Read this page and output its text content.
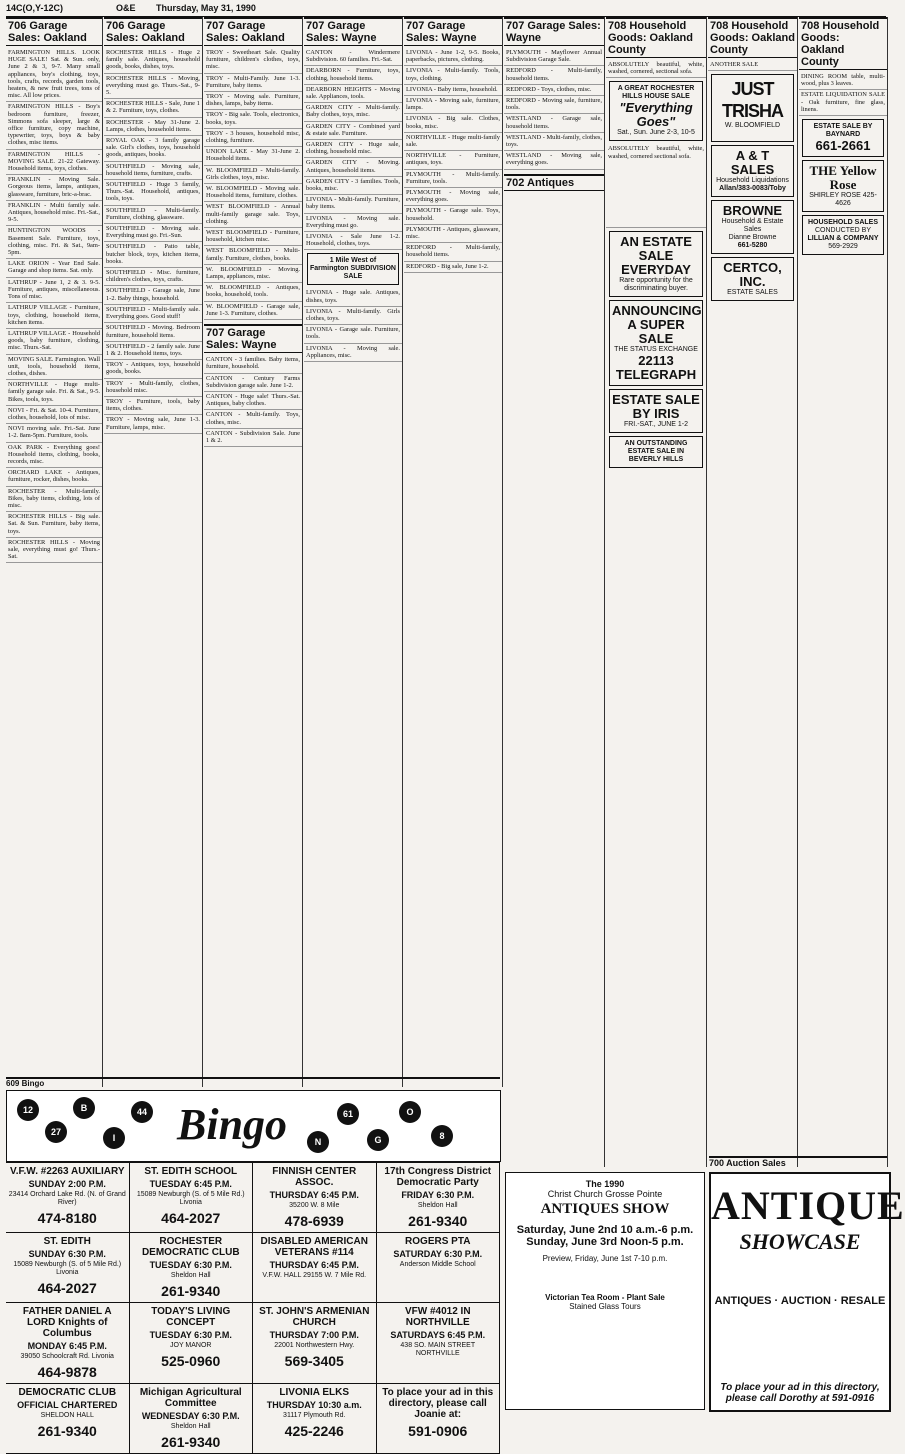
14C(O,Y-12C)	O&E Thursday, May 31, 1990
706 Garage Sales: Oakland
FARMINGTON HILLS. LOOK HUGE SALE! Sat. & Sun. only, June 2 & 3, 9-7. Many small appliances, boy's clothing, toys, tools, crafts, records, garden tools, heaters, & new fruit trees, tons of misc. All low prices.
FARMINGTON HILLS - Boy's bedroom furniture, freezer, Simmons sofa sleeper, large & office furniture, copy machine, typewriter, toys, boys & baby clothes, misc items.
FARMINGTON HILLS - MOVING SALE. 21-22 Gateway. Household items, toys, clothes.
FRANKLIN - Moving Sale. Gorgeous items, lamps, antiques, glassware, furniture, bric-a-brac.
FRANKLIN - Multi family sale. Antiques, household misc. Fri.-Sat., 9-5.
HUNTINGTON WOODS - Basement Sale. Furniture, toys, clothing, misc. Fri. & Sat., 9am-5pm.
LAKE ORION - Year End Sale. Garage and shop items. Sat. only.
LATHRUP - June 1, 2 & 3. 9-5. Furniture, antiques, miscellaneous. Tons of misc.
LATHRUP VILLAGE - Furniture, toys, clothing, household items, kitchen items.
LATHRUP VILLAGE - Household goods, baby furniture, clothing, misc. Thurs.-Sat.
MOVING SALE. Farmington. Wall unit, tools, household items, clothes, dishes.
NORTHVILLE - Huge multi-family garage sale. Fri. & Sat., 9-5. Bikes, tools, toys.
NOVI - Fri. & Sat. 10-4. Furniture, clothes, household, lots of misc.
NOVI moving sale. Fri.-Sat. June 1-2. 8am-5pm. Furniture, tools.
OAK PARK - Everything goes! Household items, clothing, books, records, misc.
ORCHARD LAKE - Antiques, furniture, rocker, dishes, books.
ROCHESTER - Multi-family. Bikes, baby items, clothing, lots of misc.
ROCHESTER HILLS - Big sale. Sat. & Sun. Furniture, baby items, toys.
ROCHESTER HILLS - Moving sale, everything must go! Thurs.-Sat.
706 Garage Sales: Oakland
ROCHESTER HILLS - Huge 2 family sale. Antiques, household goods, books, dishes, toys.
ROCHESTER HILLS - Moving, everything must go. Thurs.-Sat., 9-5.
ROCHESTER HILLS - Sale, June 1 & 2. Furniture, toys, clothes.
ROCHESTER - May 31-June 2. Lamps, clothes, household items.
ROYAL OAK - 3 family garage sale. Girl's clothes, toys, household goods, antiques, books.
SOUTHFIELD - Moving sale, household items, furniture, crafts.
SOUTHFIELD - Huge 3 family, Thurs.-Sat. Household, antiques, tools, toys.
SOUTHFIELD - Multi-family. Furniture, clothing, glassware.
SOUTHFIELD - Moving sale. Everything must go. Fri.-Sun.
SOUTHFIELD - Patio table, butcher block, toys, kitchen items, books.
SOUTHFIELD - Misc. furniture, children's clothes, toys, crafts.
SOUTHFIELD - Garage sale, June 1-2. Baby things, household.
SOUTHFIELD - Multi-family sale. Everything goes. Good stuff!
SOUTHFIELD - Moving. Bedroom furniture, household items.
SOUTHFIELD - 2 family sale. June 1 & 2. Household items, toys.
TROY - Antiques, toys, household goods, books.
TROY - Multi-family, clothes, household misc.
TROY - Furniture, tools, baby items, clothes.
TROY - Moving sale, June 1-3. Furniture, lamps, misc.
707 Garage Sales: Oakland
TROY - Sweetheart Sale. Quality furniture, children's clothes, toys, misc.
TROY - Multi-Family. June 1-3. Furniture, baby items.
TROY - Moving sale. Furniture, dishes, lamps, baby items.
TROY - Big sale. Tools, electronics, books, toys.
TROY - 3 houses, household misc, clothing, furniture.
UNION LAKE - May 31-June 2. Household items.
W. BLOOMFIELD - Multi-family. Girls clothes, toys, misc.
W. BLOOMFIELD - Moving sale. Household items, furniture, clothes.
WEST BLOOMFIELD - Annual multi-family garage sale. Toys, clothing.
WEST BLOOMFIELD - Furniture, household, kitchen misc.
WEST BLOOMFIELD - Multi-family. Furniture, clothes, books.
W. BLOOMFIELD - Moving. Lamps, appliances, misc.
W. BLOOMFIELD - Antiques, books, household, tools.
W. BLOOMFIELD - Garage sale, June 1-3. Furniture, clothes.
707 Garage Sales: Wayne
CANTON - 3 families. Baby items, furniture, household.
CANTON - Century Farms Subdivision garage sale. June 1-2.
CANTON - Huge sale! Thurs.-Sat. Antiques, baby clothes.
CANTON - Multi-family. Toys, clothes, misc.
CANTON - Subdivision Sale. June 1 & 2.
707 Garage Sales: Wayne
CANTON - Windermere Subdivision. 60 families. Fri.-Sat.
DEARBORN - Furniture, toys, clothing, household items.
DEARBORN HEIGHTS - Moving sale. Appliances, tools.
GARDEN CITY - Multi-family. Baby clothes, toys, misc.
GARDEN CITY - Combined yard & estate sale. Furniture.
GARDEN CITY - Huge sale, clothing, household misc.
GARDEN CITY - Moving. Antiques, household items.
GARDEN CITY - 3 families. Tools, books, misc.
LIVONIA - Multi-family. Furniture, baby items.
LIVONIA - Moving sale. Everything must go.
LIVONIA - Sale June 1-2. Household, clothes, toys.
1 Mile West of Farmington SUBDIVISION SALE
LIVONIA - Huge sale. Antiques, dishes, toys.
LIVONIA - Multi-family. Girls clothes, toys.
LIVONIA - Garage sale. Furniture, tools.
LIVONIA - Moving sale. Appliances, misc.
707 Garage Sales: Wayne
LIVONIA - June 1-2, 9-5. Books, paperbacks, pictures, clothing.
LIVONIA - Multi-family. Tools, toys, clothing.
LIVONIA - Baby items, household.
LIVONIA - Moving sale, furniture, lamps.
LIVONIA - Big sale. Clothes, books, misc.
NORTHVILLE - Huge multi-family sale.
NORTHVILLE - Furniture, antiques, toys.
PLYMOUTH - Multi-family. Furniture, tools.
PLYMOUTH - Moving sale, everything goes.
PLYMOUTH - Garage sale. Toys, household.
PLYMOUTH - Antiques, glassware, misc.
REDFORD - Multi-family, household items.
REDFORD - Big sale, June 1-2.
707 Garage Sales: Wayne
PLYMOUTH - Mayflower Annual Subdivision Garage Sale.
REDFORD - Multi-family, household items.
REDFORD - Toys, clothes, misc.
REDFORD - Moving sale, furniture, tools.
WESTLAND - Garage sale, household items.
WESTLAND - Multi-family, clothes, toys.
WESTLAND - Moving sale, everything goes.
702 Antiques
708 Household Goods: Oakland County
ABSOLUTELY beautiful, white, washed, cornered, sectional sofa.
A GREAT ROCHESTER HILLS HOUSE SALE
"Everything Goes"
Sat., Sun. June 2-3, 10-5
ABSOLUTELY beautiful, white, washed, cornered sectional sofa.
AN ESTATE SALE EVERYDAY
Rare opportunity for the discriminating buyer.
ANNOUNCING A SUPER SALE
THE STATUS EXCHANGE
22113 TELEGRAPH
ESTATE SALE BY IRIS
FRI.-SAT., JUNE 1-2
AN OUTSTANDING ESTATE SALE IN BEVERLY HILLS
708 Household Goods: Oakland County
ANOTHER SALE
JUST TRISHA
W. BLOOMFIELD
A & T SALES
Household Liquidations
Allan/383-0083/Toby
BROWNE
Household & Estate Sales
Dianne Browne
661-5280
CERTCO, INC.
ESTATE SALES
708 Household Goods: Oakland County
DINING ROOM table, multi-wood, plus 3 leaves.
ESTATE LIQUIDATION SALE - Oak furniture, fine glass, linens.
ESTATE SALE BY BAYNARD
661-2661
THE Yellow Rose
SHIRLEY ROSE 425-4626
HOUSEHOLD SALES
CONDUCTED BY
LILLIAN & COMPANY
569-2929
609 Bingo
12
27
B
I
44
N
61
G
O
8
Bingo
V.F.W. #2263 AUXILIARY
SUNDAY 2:00 P.M.
23414 Orchard Lake Rd. (N. of Grand River)
474-8180
ST. EDITH SCHOOL
TUESDAY 6:45 P.M.
15089 Newburgh (S. of 5 Mile Rd.) Livonia
464-2027
FINNISH CENTER ASSOC.
THURSDAY 6:45 P.M.
35200 W. 8 Mile
478-6939
17th Congress District Democratic Party
FRIDAY 6:30 P.M.
Sheldon Hall
261-9340
ST. EDITH
SUNDAY 6:30 P.M.
15089 Newburgh (S. of 5 Mile Rd.) Livonia
464-2027
ROCHESTER DEMOCRATIC CLUB
TUESDAY 6:30 P.M.
Sheldon Hall
261-9340
DISABLED AMERICAN VETERANS #114
THURSDAY 6:45 P.M.
V.F.W. HALL 29155 W. 7 Mile Rd.
ROGERS PTA
SATURDAY 6:30 P.M.
Anderson Middle School
FATHER DANIEL A LORD Knights of Columbus
MONDAY 6:45 P.M.
39050 Schoolcraft Rd. Livonia
464-9878
TODAY'S LIVING CONCEPT
TUESDAY 6:30 P.M.
JOY MANOR
525-0960
ST. JOHN'S ARMENIAN CHURCH
THURSDAY 7:00 P.M.
22001 Northwestern Hwy.
569-3405
VFW #4012 IN NORTHVILLE
SATURDAYS 6:45 P.M.
438 SO. MAIN STREET NORTHVILLE
DEMOCRATIC CLUB
OFFICIAL CHARTERED
SHELDON HALL
261-9340
Michigan Agricultural Committee
WEDNESDAY 6:30 P.M.
Sheldon Hall
261-9340
LIVONIA ELKS
THURSDAY 10:30 a.m.
31117 Plymouth Rd.
425-2246
To place your ad in this directory, please call Joanie at:
591-0906
The 1990
Christ Church Grosse Pointe
ANTIQUES SHOW
Saturday, June 2nd 10 a.m.-6 p.m.
Sunday, June 3rd Noon-5 p.m.
Preview, Friday, June 1st 7-10 p.m.
Victorian Tea Room - Plant Sale
Stained Glass Tours
700 Auction Sales
ANTIQUE
SHOWCASE
ANTIQUES · AUCTION · RESALE
To place your ad in this directory, please call Dorothy at 591-0916
